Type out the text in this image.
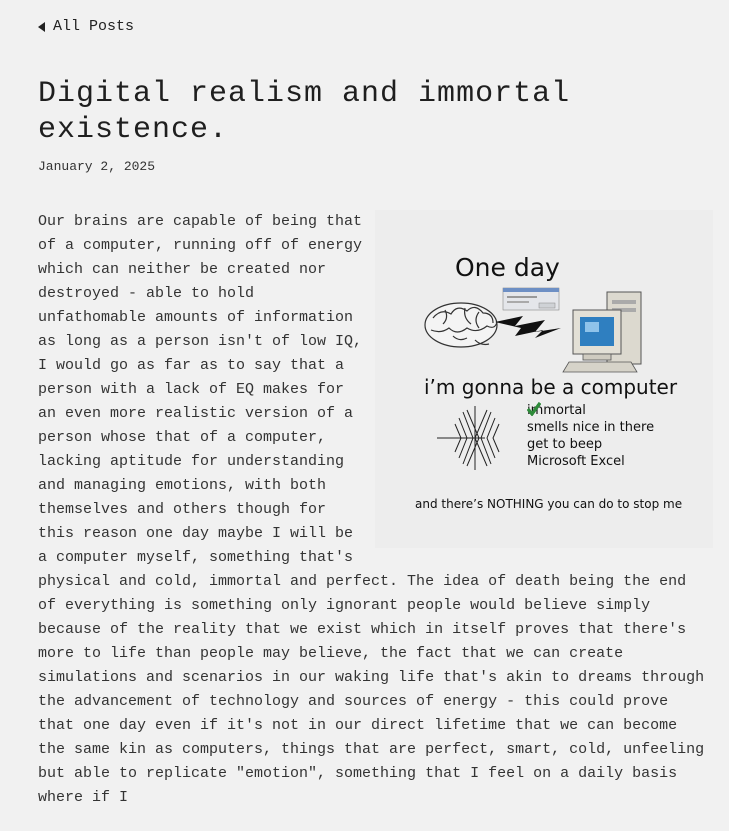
All Posts
Digital realism and immortal existence.
January 2, 2025
One day
i’m gonna be a computer
immortal
smells nice in there
get to beep
Microsoft Excel
and there’s NOTHING you can do to stop me
Our brains are capable of being that of a computer, running off of energy which can neither be created nor destroyed - able to hold unfathomable amounts of information as long as a person isn't of low IQ, I would go as far as to say that a person with a lack of EQ makes for an even more realistic version of a person whose that of a computer, lacking aptitude for understanding and managing emotions, with both themselves and others though for this reason one day maybe I will be a computer myself, something that's physical and cold, immortal and perfect. The idea of death being the end of everything is something only ignorant people would believe simply because of the reality that we exist which in itself proves that there's more to life than people may believe, the fact that we can create simulations and scenarios in our waking life that's akin to dreams through the advancement of technology and sources of energy - this could prove that one day even if it's not in our direct lifetime that we can become the same kin as computers, things that are perfect, smart, cold, unfeeling but able to replicate "emotion", something that I feel on a daily basis where if I
